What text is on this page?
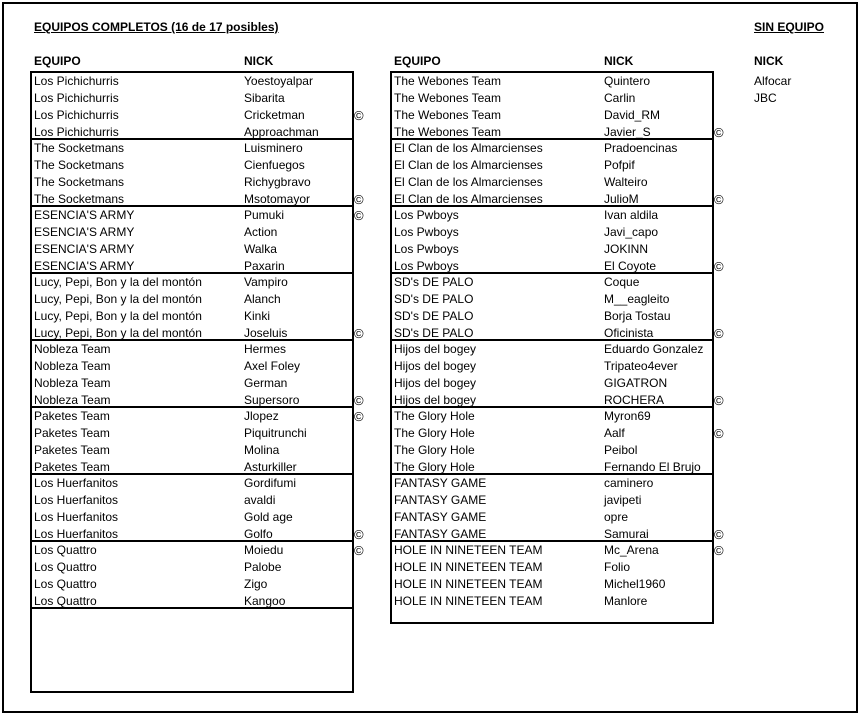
EQUIPOS COMPLETOS (16 de 17 posibles)	SIN EQUIPO
EQUIPO	NICK	EQUIPO	NICK	NICK
Alfocar
JBC
Los Pichichurris	Yoestoyalpar
Los Pichichurris	Sibarita
Los Pichichurris	Cricketman	©
Los Pichichurris	Approachman
The Socketmans	Luisminero
The Socketmans	Cienfuegos
The Socketmans	Richygbravo
The Socketmans	Msotomayor	©
ESENCIA'S ARMY	Pumuki	©
ESENCIA'S ARMY	Action
ESENCIA'S ARMY	Walka
ESENCIA'S ARMY	Paxarin
Lucy, Pepi, Bon y la del montón	Vampiro
Lucy, Pepi, Bon y la del montón	Alanch
Lucy, Pepi, Bon y la del montón	Kinki
Lucy, Pepi, Bon y la del montón	Joseluis	©
Nobleza Team	Hermes
Nobleza Team	Axel Foley
Nobleza Team	German
Nobleza Team	Supersoro	©
Paketes Team	Jlopez	©
Paketes Team	Piquitrunchi
Paketes Team	Molina
Paketes Team	Asturkiller
Los Huerfanitos	Gordifumi
Los Huerfanitos	avaldi
Los Huerfanitos	Gold age
Los Huerfanitos	Golfo	©
Los Quattro	Moiedu	©
Los Quattro	Palobe
Los Quattro	Zigo
Los Quattro	Kangoo
The Webones Team	Quintero
The Webones Team	Carlin
The Webones Team	David_RM
The Webones Team	Javier_S	©
El Clan de los Almarcienses	Pradoencinas
El Clan de los Almarcienses	Pofpif
El Clan de los Almarcienses	Walteiro
El Clan de los Almarcienses	JulioM	©
Los Pwboys	Ivan aldila
Los Pwboys	Javi_capo
Los Pwboys	JOKINN
Los Pwboys	El Coyote	©
SD's DE PALO	Coque
SD's DE PALO	M__eagleito
SD's DE PALO	Borja Tostau
SD's DE PALO	Oficinista	©
Hijos del bogey	Eduardo Gonzalez
Hijos del bogey	Tripateo4ever
Hijos del bogey	GIGATRON
Hijos del bogey	ROCHERA	©
The Glory Hole	Myron69
The Glory Hole	Aalf	©
The Glory Hole	Peibol
The Glory Hole	Fernando El Brujo
FANTASY GAME	caminero
FANTASY GAME	javipeti
FANTASY GAME	opre
FANTASY GAME	Samurai	©
HOLE IN NINETEEN TEAM	Mc_Arena	©
HOLE IN NINETEEN TEAM	Folio
HOLE IN NINETEEN TEAM	Michel1960
HOLE IN NINETEEN TEAM	Manlore
